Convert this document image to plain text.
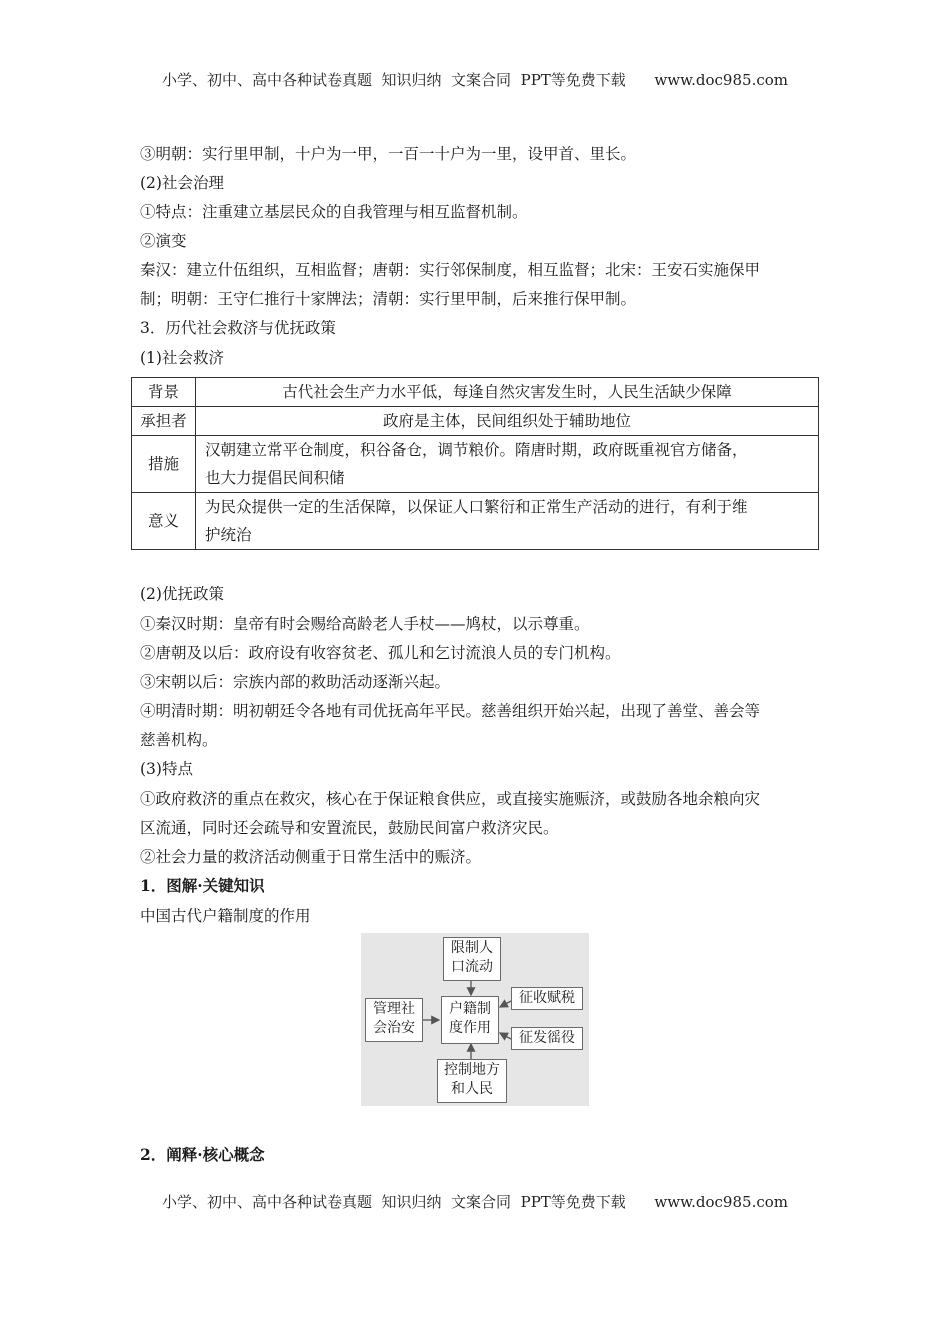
小学、初中、高中各种试卷真题  知识归纳  文案合同  PPT等免费下载      www.doc985.com
③明朝：实行里甲制，十户为一甲，一百一十户为一里，设甲首、里长。
(2)社会治理
①特点：注重建立基层民众的自我管理与相互监督机制。
②演变
秦汉：建立什伍组织，互相监督；唐朝：实行邻保制度，相互监督；北宋：王安石实施保甲
制；明朝：王守仁推行十家牌法；清朝：实行里甲制，后来推行保甲制。
3．历代社会救济与优抚政策
(1)社会救济
背景	古代社会生产力水平低，每逢自然灾害发生时，人民生活缺少保障
承担者	政府是主体，民间组织处于辅助地位
措施	汉朝建立常平仓制度，积谷备仓，调节粮价。隋唐时期，政府既重视官方储备，
也大力提倡民间积储

意义	为民众提供一定的生活保障，以保证人口繁衍和正常生产活动的进行，有利于维
护统治
(2)优抚政策
①秦汉时期：皇帝有时会赐给高龄老人手杖——鸠杖，以示尊重。
②唐朝及以后：政府设有收容贫老、孤儿和乞讨流浪人员的专门机构。
③宋朝以后：宗族内部的救助活动逐渐兴起。
④明清时期：明初朝廷令各地有司优抚高年平民。慈善组织开始兴起，出现了善堂、善会等
慈善机构。
(3)特点
①政府救济的重点在救灾，核心在于保证粮食供应，或直接实施赈济，或鼓励各地余粮向灾
区流通，同时还会疏导和安置流民，鼓励民间富户救济灾民。
②社会力量的救济活动侧重于日常生活中的赈济。
1．图解·关键知识
中国古代户籍制度的作用
限制人
口流动
管理社
会治安
户籍制
度作用
征收赋税
征发徭役
控制地方
和人民
2．阐释·核心概念
小学、初中、高中各种试卷真题  知识归纳  文案合同  PPT等免费下载      www.doc985.com
